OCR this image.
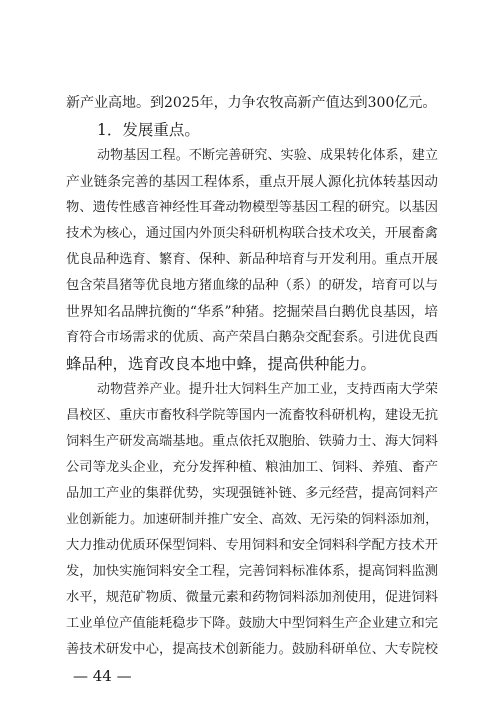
新产业高地。到2025年，力争农牧高新产值达到300亿元。
1．发展重点。
动物基因工程。不断完善研究、实验、成果转化体系，建立
产业链条完善的基因工程体系，重点开展人源化抗体转基因动
物、遗传性感音神经性耳聋动物模型等基因工程的研究。以基因
技术为核心，通过国内外顶尖科研机构联合技术攻关，开展畜禽
优良品种选育、繁育、保种、新品种培育与开发利用。重点开展
包含荣昌猪等优良地方猪血缘的品种（系）的研发，培育可以与
世界知名品牌抗衡的“华系”种猪。挖掘荣昌白鹅优良基因，培
育符合市场需求的优质、高产荣昌白鹅杂交配套系。引进优良西
蜂品种，选育改良本地中蜂，提高供种能力。
动物营养产业。提升壮大饲料生产加工业，支持西南大学荣
昌校区、重庆市畜牧科学院等国内一流畜牧科研机构，建设无抗
饲料生产研发高端基地。重点依托双胞胎、铁骑力士、海大饲料
公司等龙头企业，充分发挥种植、粮油加工、饲料、养殖、畜产
品加工产业的集群优势，实现强链补链、多元经营，提高饲料产
业创新能力。加速研制并推广安全、高效、无污染的饲料添加剂，
大力推动优质环保型饲料、专用饲料和安全饲料科学配方技术开
发，加快实施饲料安全工程，完善饲料标准体系，提高饲料监测
水平，规范矿物质、微量元素和药物饲料添加剂使用，促进饲料
工业单位产值能耗稳步下降。鼓励大中型饲料生产企业建立和完
善技术研发中心，提高技术创新能力。鼓励科研单位、大专院校
— 44 —
